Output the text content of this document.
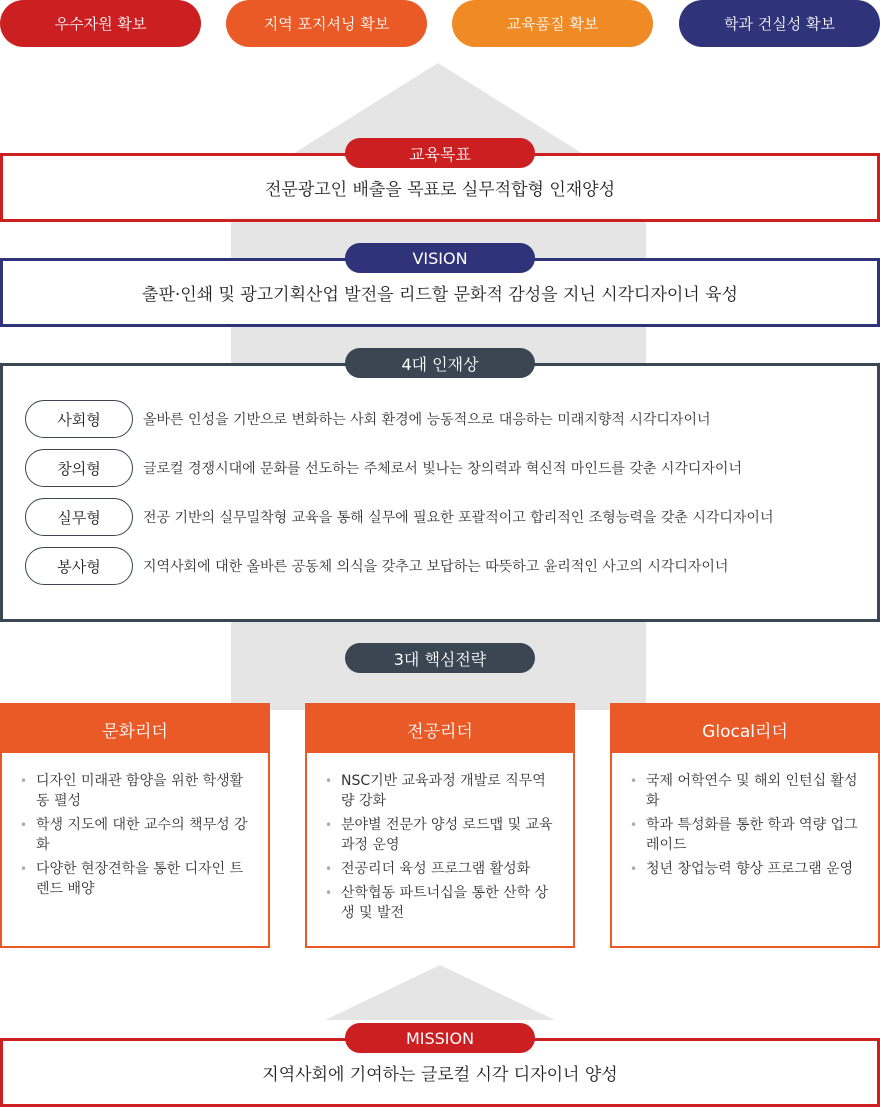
우수자원 확보	지역 포지셔닝 확보	교육품질 확보	학과 건실성 확보
교육목표
전문광고인 배출을 목표로 실무적합형 인재양성
VISION
출판·인쇄 및 광고기획산업 발전을 리드할 문화적 감성을 지닌 시각디자이너 육성
4대 인재상
사회형	올바른 인성을 기반으로 변화하는 사회 환경에 능동적으로 대응하는 미래지향적 시각디자이너
창의형	글로컬 경쟁시대에 문화를 선도하는 주체로서 빛나는 창의력과 혁신적 마인드를 갖춘 시각디자이너
실무형	전공 기반의 실무밀착형 교육을 통해 실무에 필요한 포괄적이고 합리적인 조형능력을 갖춘 시각디자이너
봉사형	지역사회에 대한 올바른 공동체 의식을 갖추고 보답하는 따뜻하고 윤리적인 사고의 시각디자이너
3대 핵심전략
문화리더
• 디자인 미래관 함양을 위한 학생활동 펼성
• 학생 지도에 대한 교수의 책무성 강화
• 다양한 현장견학을 통한 디자인 트렌드 배양
전공리더
• NSC기반 교육과정 개발로 직무역량 강화
• 분야별 전문가 양성 로드맵 및 교육과정 운영
• 전공리더 육성 프로그램 활성화
• 산학협동 파트너십을 통한 산학 상생 및 발전
Glocal리더
• 국제 어학연수 및 해외 인턴십 활성화
• 학과 특성화를 통한 학과 역량 업그레이드
• 청년 창업능력 향상 프로그램 운영
MISSION
지역사회에 기여하는 글로컬 시각 디자이너 양성
